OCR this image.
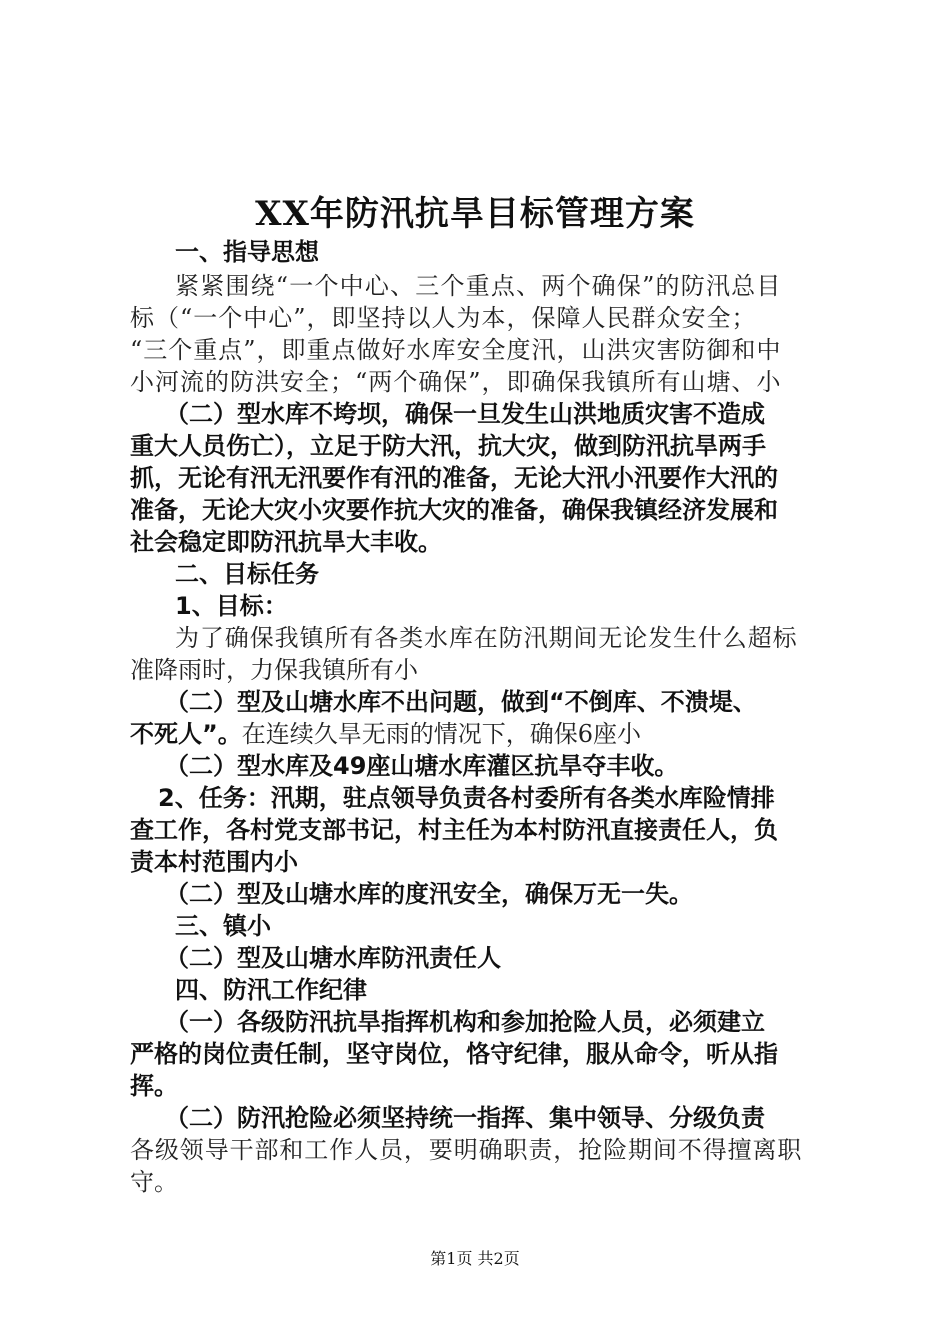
XX年防汛抗旱目标管理方案
一、指导思想
紧紧围绕“一个中心、三个重点、两个确保”的防汛总目
标（“一个中心”，即坚持以人为本，保障人民群众安全；
“三个重点”，即重点做好水库安全度汛，山洪灾害防御和中
小河流的防洪安全；“两个确保”，即确保我镇所有山塘、小
（二）型水库不垮坝，确保一旦发生山洪地质灾害不造成
重大人员伤亡），立足于防大汛，抗大灾，做到防汛抗旱两手
抓，无论有汛无汛要作有汛的准备，无论大汛小汛要作大汛的
准备，无论大灾小灾要作抗大灾的准备，确保我镇经济发展和
社会稳定即防汛抗旱大丰收。
二、目标任务
1、目标：
为了确保我镇所有各类水库在防汛期间无论发生什么超标
准降雨时，力保我镇所有小
（二）型及山塘水库不出问题，做到“不倒库、不溃堤、
不死人”。在连续久旱无雨的情况下，确保6座小
（二）型水库及49座山塘水库灌区抗旱夺丰收。
2、任务：汛期，驻点领导负责各村委所有各类水库险情排
查工作，各村党支部书记，村主任为本村防汛直接责任人，负
责本村范围内小
（二）型及山塘水库的度汛安全，确保万无一失。
三、镇小
（二）型及山塘水库防汛责任人
四、防汛工作纪律
（一）各级防汛抗旱指挥机构和参加抢险人员，必须建立
严格的岗位责任制，坚守岗位，恪守纪律，服从命令，听从指
挥。
（二）防汛抢险必须坚持统一指挥、集中领导、分级负责
各级领导干部和工作人员，要明确职责，抢险期间不得擅离职
守。
第1页 共2页
